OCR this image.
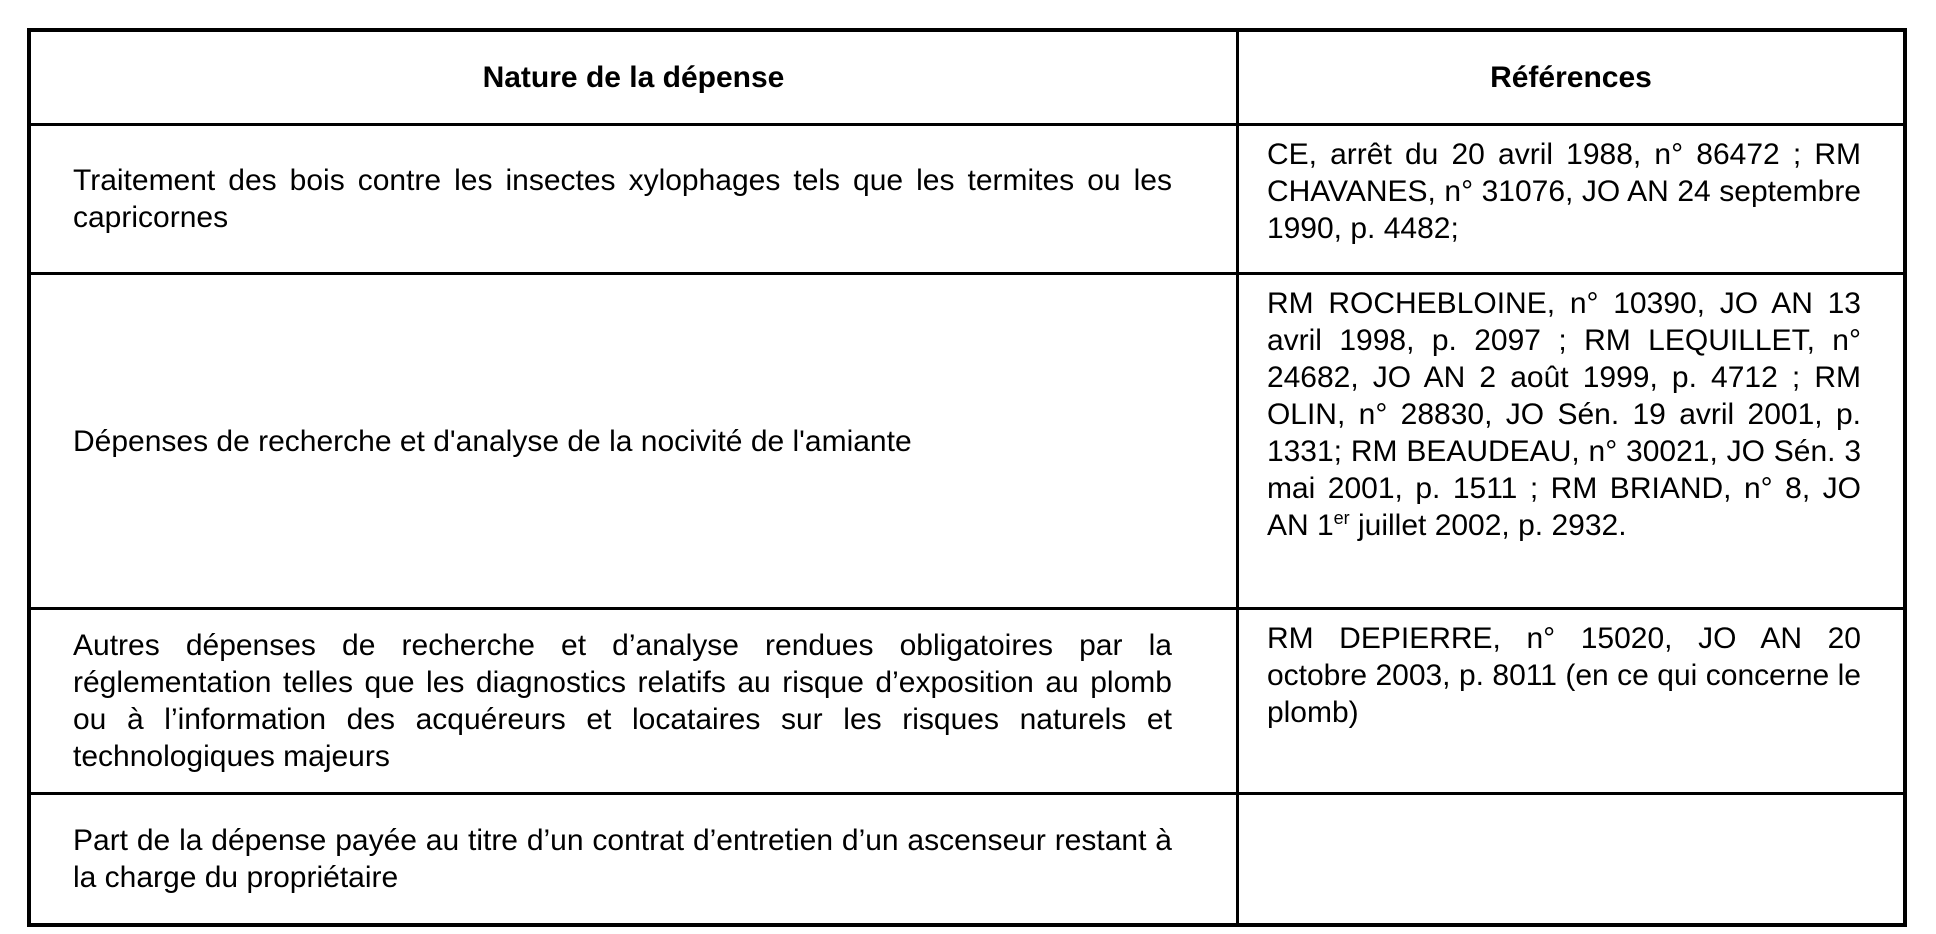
Nature de la dépense	Références
Traitement des bois contre les insectes xylophages tels que les termites ou les capricornes	CE, arrêt du 20 avril 1988, n° 86472 ; RM CHAVANES, n° 31076, JO AN 24 septembre 1990, p. 4482;
Dépenses de recherche et d'analyse de la nocivité de l'amiante	RM ROCHEBLOINE, n° 10390, JO AN 13 avril 1998, p. 2097 ; RM LEQUILLET, n° 24682, JO AN 2 août 1999, p. 4712 ; RM OLIN, n° 28830, JO Sén. 19 avril 2001, p. 1331; RM BEAUDEAU, n° 30021, JO Sén. 3 mai 2001, p. 1511 ; RM BRIAND, n° 8, JO AN 1er juillet 2002, p. 2932.
Autres dépenses de recherche et d’analyse rendues obligatoires par la réglementation telles que les diagnostics relatifs au risque d’exposition au plomb ou à l’information des acquéreurs et locataires sur les risques naturels et technologiques majeurs	RM DEPIERRE, n° 15020, JO AN 20 octobre 2003, p. 8011 (en ce qui concerne le plomb)
Part de la dépense payée au titre d’un contrat d’entretien d’un ascenseur restant à la charge du propriétaire	
